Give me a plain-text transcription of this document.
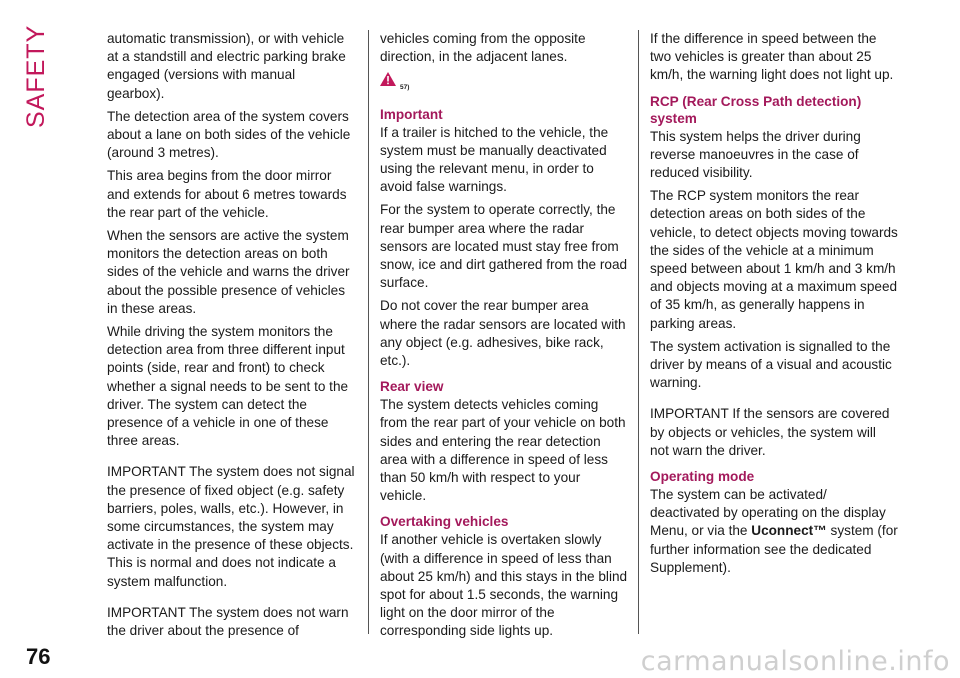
SAFETY	automatic transmission), or with vehicle at a standstill and electric parking brake engaged (versions with manual gearbox).

The detection area of the system covers about a lane on both sides of the vehicle (around 3 metres).

This area begins from the door mirror and extends for about 6 metres towards the rear part of the vehicle.

When the sensors are active the system monitors the detection areas on both sides of the vehicle and warns the driver about the possible presence of vehicles in these areas.

While driving the system monitors the detection area from three different input points (side, rear and front) to check whether a signal needs to be sent to the driver. The system can detect the presence of a vehicle in one of these three areas.

IMPORTANT The system does not signal the presence of fixed object (e.g. safety barriers, poles, walls, etc.). However, in some circumstances, the system may activate in the presence of these objects. This is normal and does not indicate a system malfunction.

IMPORTANT The system does not warn the driver about the presence of

vehicles coming from the opposite direction, in the adjacent lanes.

57)
Important

If a trailer is hitched to the vehicle, the system must be manually deactivated using the relevant menu, in order to avoid false warnings.

For the system to operate correctly, the rear bumper area where the radar sensors are located must stay free from snow, ice and dirt gathered from the road surface.

Do not cover the rear bumper area where the radar sensors are located with any object (e.g. adhesives, bike rack, etc.).

Rear view

The system detects vehicles coming from the rear part of your vehicle on both sides and entering the rear detection area with a difference in speed of less than 50 km/h with respect to your vehicle.

Overtaking vehicles

If another vehicle is overtaken slowly (with a difference in speed of less than about 25 km/h) and this stays in the blind spot for about 1.5 seconds, the warning light on the door mirror of the corresponding side lights up.

If the difference in speed between the two vehicles is greater than about 25 km/h, the warning light does not light up.

RCP (Rear Cross Path detection) system

This system helps the driver during reverse manoeuvres in the case of reduced visibility.

The RCP system monitors the rear detection areas on both sides of the vehicle, to detect objects moving towards the sides of the vehicle at a minimum speed between about 1 km/h and 3 km/h and objects moving at a maximum speed of 35 km/h, as generally happens in parking areas.

The system activation is signalled to the driver by means of a visual and acoustic warning.

IMPORTANT If the sensors are covered by objects or vehicles, the system will not warn the driver.

Operating mode

The system can be activated/ deactivated by operating on the display Menu, or via the Uconnect™ system (for further information see the dedicated Supplement).

76	carmanualsonline.info
